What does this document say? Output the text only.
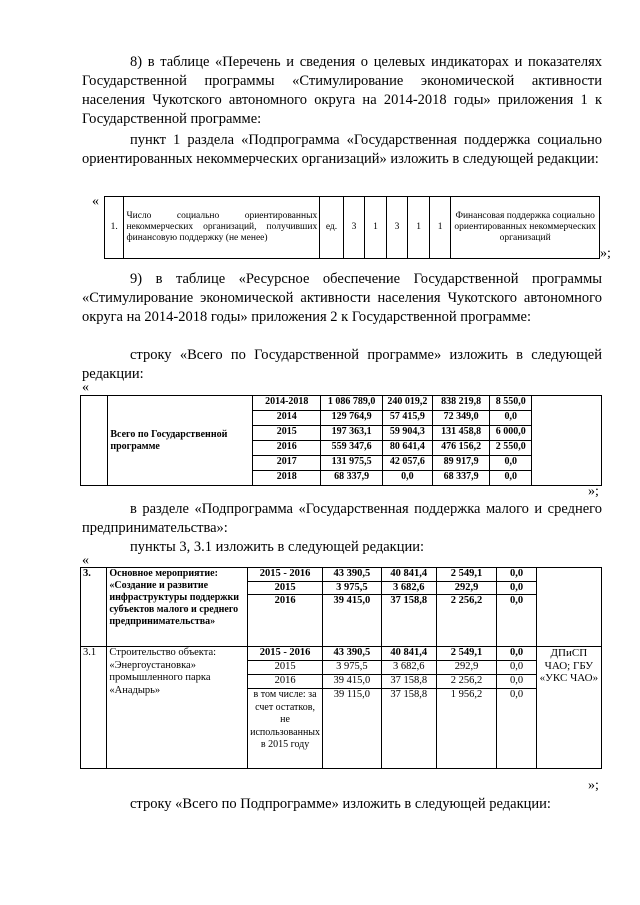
8) в таблице «Перечень и сведения о целевых индикаторах и показателях Государственной программы «Стимулирование экономической активности населения Чукотского автономного округа на 2014-2018 годы» приложения 1 к Государственной программе:

пункт 1 раздела «Подпрограмма «Государственная поддержка социально ориентированных некоммерческих организаций» изложить в следующей редакции:

«
1.	Число социально ориентированных некоммерческих организаций, получивших финансовую поддержку (не менее)	ед.	3	1	3	1	1	Финансовая поддержка социально ориентированных некоммерческих организаций
»;

9) в таблице «Ресурсное обеспечение Государственной программы «Стимулирование экономической активности населения Чукотского автономного округа на 2014-2018 годы» приложения 2 к Государственной программе:

строку «Всего по Государственной программе» изложить в следующей редакции:

«
	Всего по Государственной программе	2014-2018	1 086 789,0	240 019,2	838 219,8	8 550,0	
		2014	129 764,9	57 415,9	72 349,0	0,0	
		2015	197 363,1	59 904,3	131 458,8	6 000,0	
		2016	559 347,6	80 641,4	476 156,2	2 550,0	
		2017	131 975,5	42 057,6	89 917,9	0,0	
		2018	68 337,9	0,0	68 337,9	0,0	
»;

в разделе «Подпрограмма «Государственная поддержка малого и среднего предпринимательства»:

пункты 3, 3.1 изложить в следующей редакции:

«
3.	Основное мероприятие: «Создание и развитие инфраструктуры поддержки субъектов малого и среднего предпринимательства»	2015 - 2016	43 390,5	40 841,4	2 549,1	0,0	
		2015	3 975,5	3 682,6	292,9	0,0	
		2016	39 415,0	37 158,8	2 256,2	0,0	
3.1	Строительство объекта: «Энергоустановка» промышленного парка «Анадырь»	2015 - 2016	43 390,5	40 841,4	2 549,1	0,0	ДПиСП ЧАО; ГБУ «УКС ЧАО»
		2015	3 975,5	3 682,6	292,9	0,0	
		2016	39 415,0	37 158,8	2 256,2	0,0	
		в том числе: за счет остатков, не использованных в 2015 году	39 115,0	37 158,8	1 956,2	0,0	
»;

строку «Всего по Подпрограмме» изложить в следующей редакции:
